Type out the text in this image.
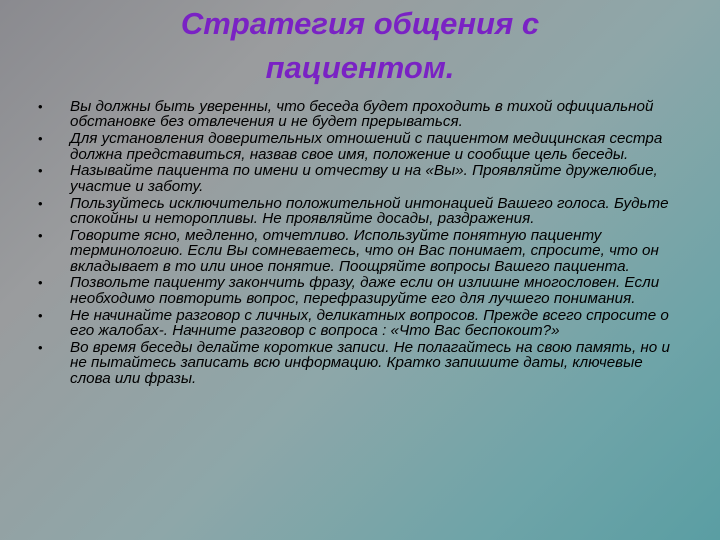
Стратегия общения с
пациентом.
• Вы должны быть уверенны, что беседа будет проходить в тихой официальной обстановке без отвлечения и не будет прерываться.
• Для установления доверительных отношений с пациентом медицинская сестра должна представиться, назвав свое имя, положение и сообщие цель беседы.
• Называйте пациента по имени и отчеству и на «Вы». Проявляйте дружелюбие, участие и заботу.
• Пользуйтесь исключительно положительной интонацией Вашего голоса. Будьте спокойны и неторопливы. Не проявляйте досады, раздражения.
• Говорите ясно, медленно, отчетливо. Используйте понятную пациенту терминологию. Если Вы сомневаетесь, что он Вас понимает, спросите, что он вкладывает в то или иное понятие. Поощряйте вопросы Вашего пациента.
• Позвольте пациенту закончить фразу, даже если он излишне многословен. Если необходимо повторить вопрос, перефразируйте его для лучшего понимания.
• Не начинайте разговор с личных, деликатных вопросов. Прежде всего спросите о его жалобах-. Начните разговор с вопроса : «Что Вас беспокоит?»
• Во время беседы делайте короткие записи. Не полагайтесь на свою память, но и не пытайтесь записать всю информацию. Кратко запишите даты, ключевые слова или фразы.
